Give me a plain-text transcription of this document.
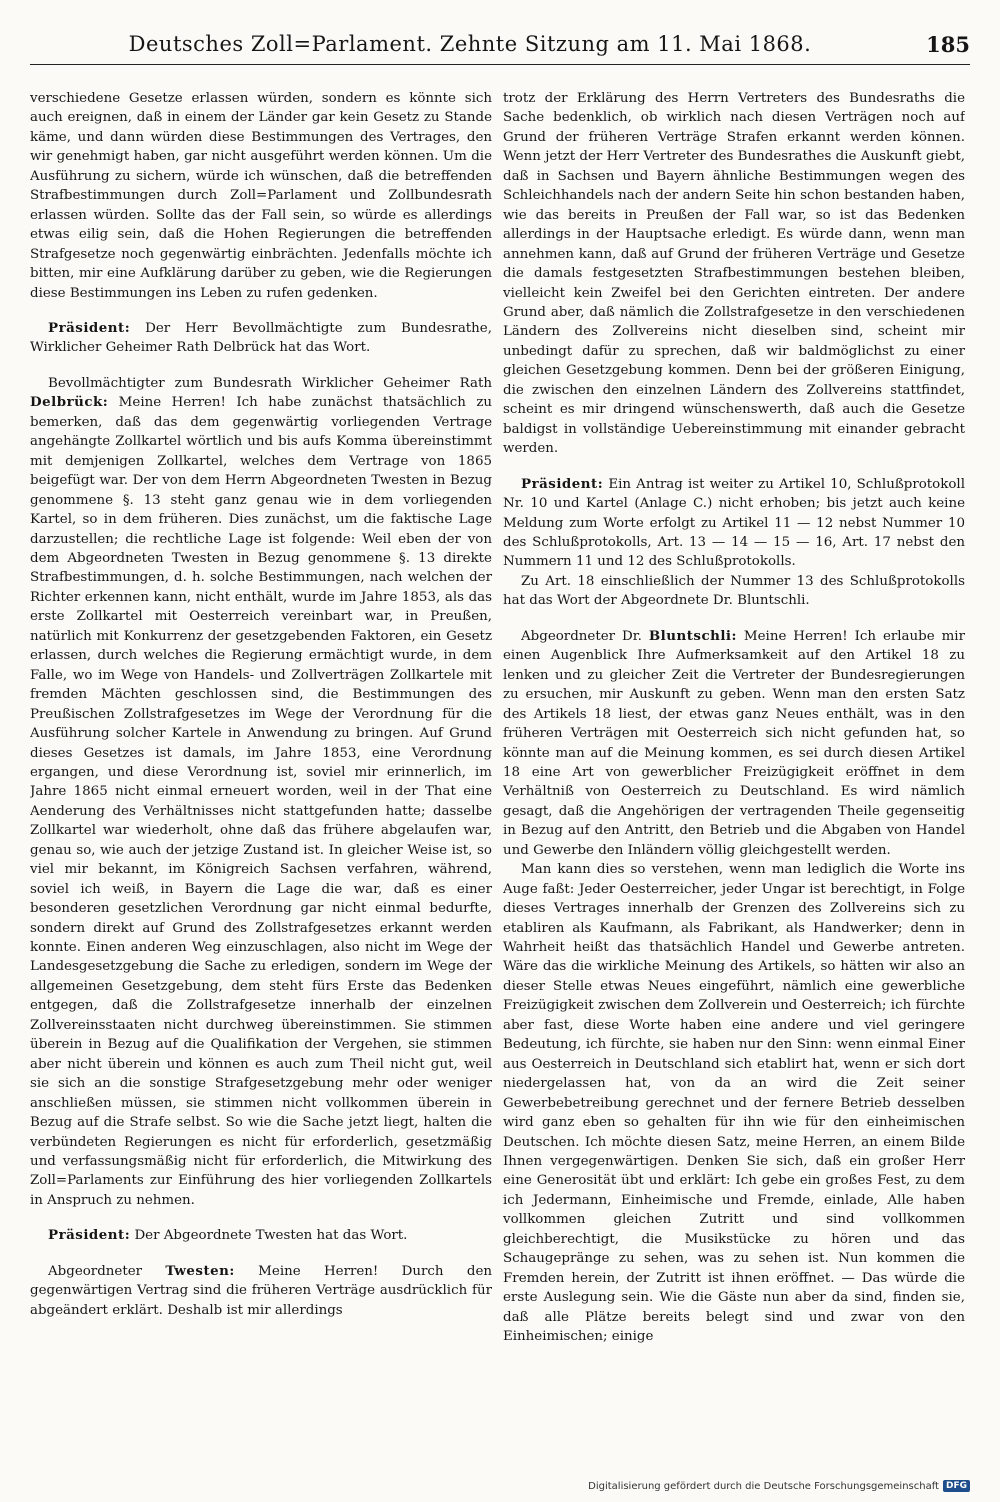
Deutsches Zoll=Parlament. Zehnte Sitzung am 11. Mai 1868.	185

verschiedene Gesetze erlassen würden, sondern es könnte sich auch ereignen, daß in einem der Länder gar kein Gesetz zu Stande käme, und dann würden diese Bestimmungen des Vertrages, den wir genehmigt haben, gar nicht ausgeführt werden können. Um die Ausführung zu sichern, würde ich wünschen, daß die betreffenden Strafbestimmungen durch Zoll=Parlament und Zollbundesrath erlassen würden. Sollte das der Fall sein, so würde es allerdings etwas eilig sein, daß die Hohen Regierungen die betreffenden Strafgesetze noch gegenwärtig einbrächten. Jedenfalls möchte ich bitten, mir eine Aufklärung darüber zu geben, wie die Regierungen diese Bestimmungen ins Leben zu rufen gedenken.

Präsident: Der Herr Bevollmächtigte zum Bundesrathe, Wirklicher Geheimer Rath Delbrück hat das Wort.

Bevollmächtigter zum Bundesrath Wirklicher Geheimer Rath Delbrück: Meine Herren! Ich habe zunächst thatsächlich zu bemerken, daß das dem gegenwärtig vorliegenden Vertrage angehängte Zollkartel wörtlich und bis aufs Komma übereinstimmt mit demjenigen Zollkartel, welches dem Vertrage von 1865 beigefügt war. Der von dem Herrn Abgeordneten Twesten in Bezug genommene §. 13 steht ganz genau wie in dem vorliegenden Kartel, so in dem früheren. Dies zunächst, um die faktische Lage darzustellen; die rechtliche Lage ist folgende: Weil eben der von dem Abgeordneten Twesten in Bezug genommene §. 13 direkte Strafbestimmungen, d. h. solche Bestimmungen, nach welchen der Richter erkennen kann, nicht enthält, wurde im Jahre 1853, als das erste Zollkartel mit Oesterreich vereinbart war, in Preußen, natürlich mit Konkurrenz der gesetzgebenden Faktoren, ein Gesetz erlassen, durch welches die Regierung ermächtigt wurde, in dem Falle, wo im Wege von Handels- und Zollverträgen Zollkartele mit fremden Mächten geschlossen sind, die Bestimmungen des Preußischen Zollstrafgesetzes im Wege der Verordnung für die Ausführung solcher Kartele in Anwendung zu bringen. Auf Grund dieses Gesetzes ist damals, im Jahre 1853, eine Verordnung ergangen, und diese Verordnung ist, soviel mir erinnerlich, im Jahre 1865 nicht einmal erneuert worden, weil in der That eine Aenderung des Verhältnisses nicht stattgefunden hatte; dasselbe Zollkartel war wiederholt, ohne daß das frühere abgelaufen war, genau so, wie auch der jetzige Zustand ist. In gleicher Weise ist, so viel mir bekannt, im Königreich Sachsen verfahren, während, soviel ich weiß, in Bayern die Lage die war, daß es einer besonderen gesetzlichen Verordnung gar nicht einmal bedurfte, sondern direkt auf Grund des Zollstrafgesetzes erkannt werden konnte. Einen anderen Weg einzuschlagen, also nicht im Wege der Landesgesetzgebung die Sache zu erledigen, sondern im Wege der allgemeinen Gesetzgebung, dem steht fürs Erste das Bedenken entgegen, daß die Zollstrafgesetze innerhalb der einzelnen Zollvereinsstaaten nicht durchweg übereinstimmen. Sie stimmen überein in Bezug auf die Qualifikation der Vergehen, sie stimmen aber nicht überein und können es auch zum Theil nicht gut, weil sie sich an die sonstige Strafgesetzgebung mehr oder weniger anschließen müssen, sie stimmen nicht vollkommen überein in Bezug auf die Strafe selbst. So wie die Sache jetzt liegt, halten die verbündeten Regierungen es nicht für erforderlich, gesetzmäßig und verfassungsmäßig nicht für erforderlich, die Mitwirkung des Zoll=Parlaments zur Einführung des hier vorliegenden Zollkartels in Anspruch zu nehmen.

Präsident: Der Abgeordnete Twesten hat das Wort.

Abgeordneter Twesten: Meine Herren! Durch den gegenwärtigen Vertrag sind die früheren Verträge ausdrücklich für abgeändert erklärt. Deshalb ist mir allerdings

trotz der Erklärung des Herrn Vertreters des Bundesraths die Sache bedenklich, ob wirklich nach diesen Verträgen noch auf Grund der früheren Verträge Strafen erkannt werden können. Wenn jetzt der Herr Vertreter des Bundesrathes die Auskunft giebt, daß in Sachsen und Bayern ähnliche Bestimmungen wegen des Schleichhandels nach der andern Seite hin schon bestanden haben, wie das bereits in Preußen der Fall war, so ist das Bedenken allerdings in der Hauptsache erledigt. Es würde dann, wenn man annehmen kann, daß auf Grund der früheren Verträge und Gesetze die damals festgesetzten Strafbestimmungen bestehen bleiben, vielleicht kein Zweifel bei den Gerichten eintreten. Der andere Grund aber, daß nämlich die Zollstrafgesetze in den verschiedenen Ländern des Zollvereins nicht dieselben sind, scheint mir unbedingt dafür zu sprechen, daß wir baldmöglichst zu einer gleichen Gesetzgebung kommen. Denn bei der größeren Einigung, die zwischen den einzelnen Ländern des Zollvereins stattfindet, scheint es mir dringend wünschenswerth, daß auch die Gesetze baldigst in vollständige Uebereinstimmung mit einander gebracht werden.

Präsident: Ein Antrag ist weiter zu Artikel 10, Schlußprotokoll Nr. 10 und Kartel (Anlage C.) nicht erhoben; bis jetzt auch keine Meldung zum Worte erfolgt zu Artikel 11 — 12 nebst Nummer 10 des Schlußprotokolls, Art. 13 — 14 — 15 — 16, Art. 17 nebst den Nummern 11 und 12 des Schlußprotokolls.

Zu Art. 18 einschließlich der Nummer 13 des Schlußprotokolls hat das Wort der Abgeordnete Dr. Bluntschli.

Abgeordneter Dr. Bluntschli: Meine Herren! Ich erlaube mir einen Augenblick Ihre Aufmerksamkeit auf den Artikel 18 zu lenken und zu gleicher Zeit die Vertreter der Bundesregierungen zu ersuchen, mir Auskunft zu geben. Wenn man den ersten Satz des Artikels 18 liest, der etwas ganz Neues enthält, was in den früheren Verträgen mit Oesterreich sich nicht gefunden hat, so könnte man auf die Meinung kommen, es sei durch diesen Artikel 18 eine Art von gewerblicher Freizügigkeit eröffnet in dem Verhältniß von Oesterreich zu Deutschland. Es wird nämlich gesagt, daß die Angehörigen der vertragenden Theile gegenseitig in Bezug auf den Antritt, den Betrieb und die Abgaben von Handel und Gewerbe den Inländern völlig gleichgestellt werden.

Man kann dies so verstehen, wenn man lediglich die Worte ins Auge faßt: Jeder Oesterreicher, jeder Ungar ist berechtigt, in Folge dieses Vertrages innerhalb der Grenzen des Zollvereins sich zu etabliren als Kaufmann, als Fabrikant, als Handwerker; denn in Wahrheit heißt das thatsächlich Handel und Gewerbe antreten. Wäre das die wirkliche Meinung des Artikels, so hätten wir also an dieser Stelle etwas Neues eingeführt, nämlich eine gewerbliche Freizügigkeit zwischen dem Zollverein und Oesterreich; ich fürchte aber fast, diese Worte haben eine andere und viel geringere Bedeutung, ich fürchte, sie haben nur den Sinn: wenn einmal Einer aus Oesterreich in Deutschland sich etablirt hat, wenn er sich dort niedergelassen hat, von da an wird die Zeit seiner Gewerbebetreibung gerechnet und der fernere Betrieb desselben wird ganz eben so gehalten für ihn wie für den einheimischen Deutschen. Ich möchte diesen Satz, meine Herren, an einem Bilde Ihnen vergegenwärtigen. Denken Sie sich, daß ein großer Herr eine Generosität übt und erklärt: Ich gebe ein großes Fest, zu dem ich Jedermann, Einheimische und Fremde, einlade, Alle haben vollkommen gleichen Zutritt und sind vollkommen gleichberechtigt, die Musikstücke zu hören und das Schaugepränge zu sehen, was zu sehen ist. Nun kommen die Fremden herein, der Zutritt ist ihnen eröffnet. — Das würde die erste Auslegung sein. Wie die Gäste nun aber da sind, finden sie, daß alle Plätze bereits belegt sind und zwar von den Einheimischen; einige

Digitalisierung gefördert durch die Deutsche Forschungsgemeinschaft DFG
